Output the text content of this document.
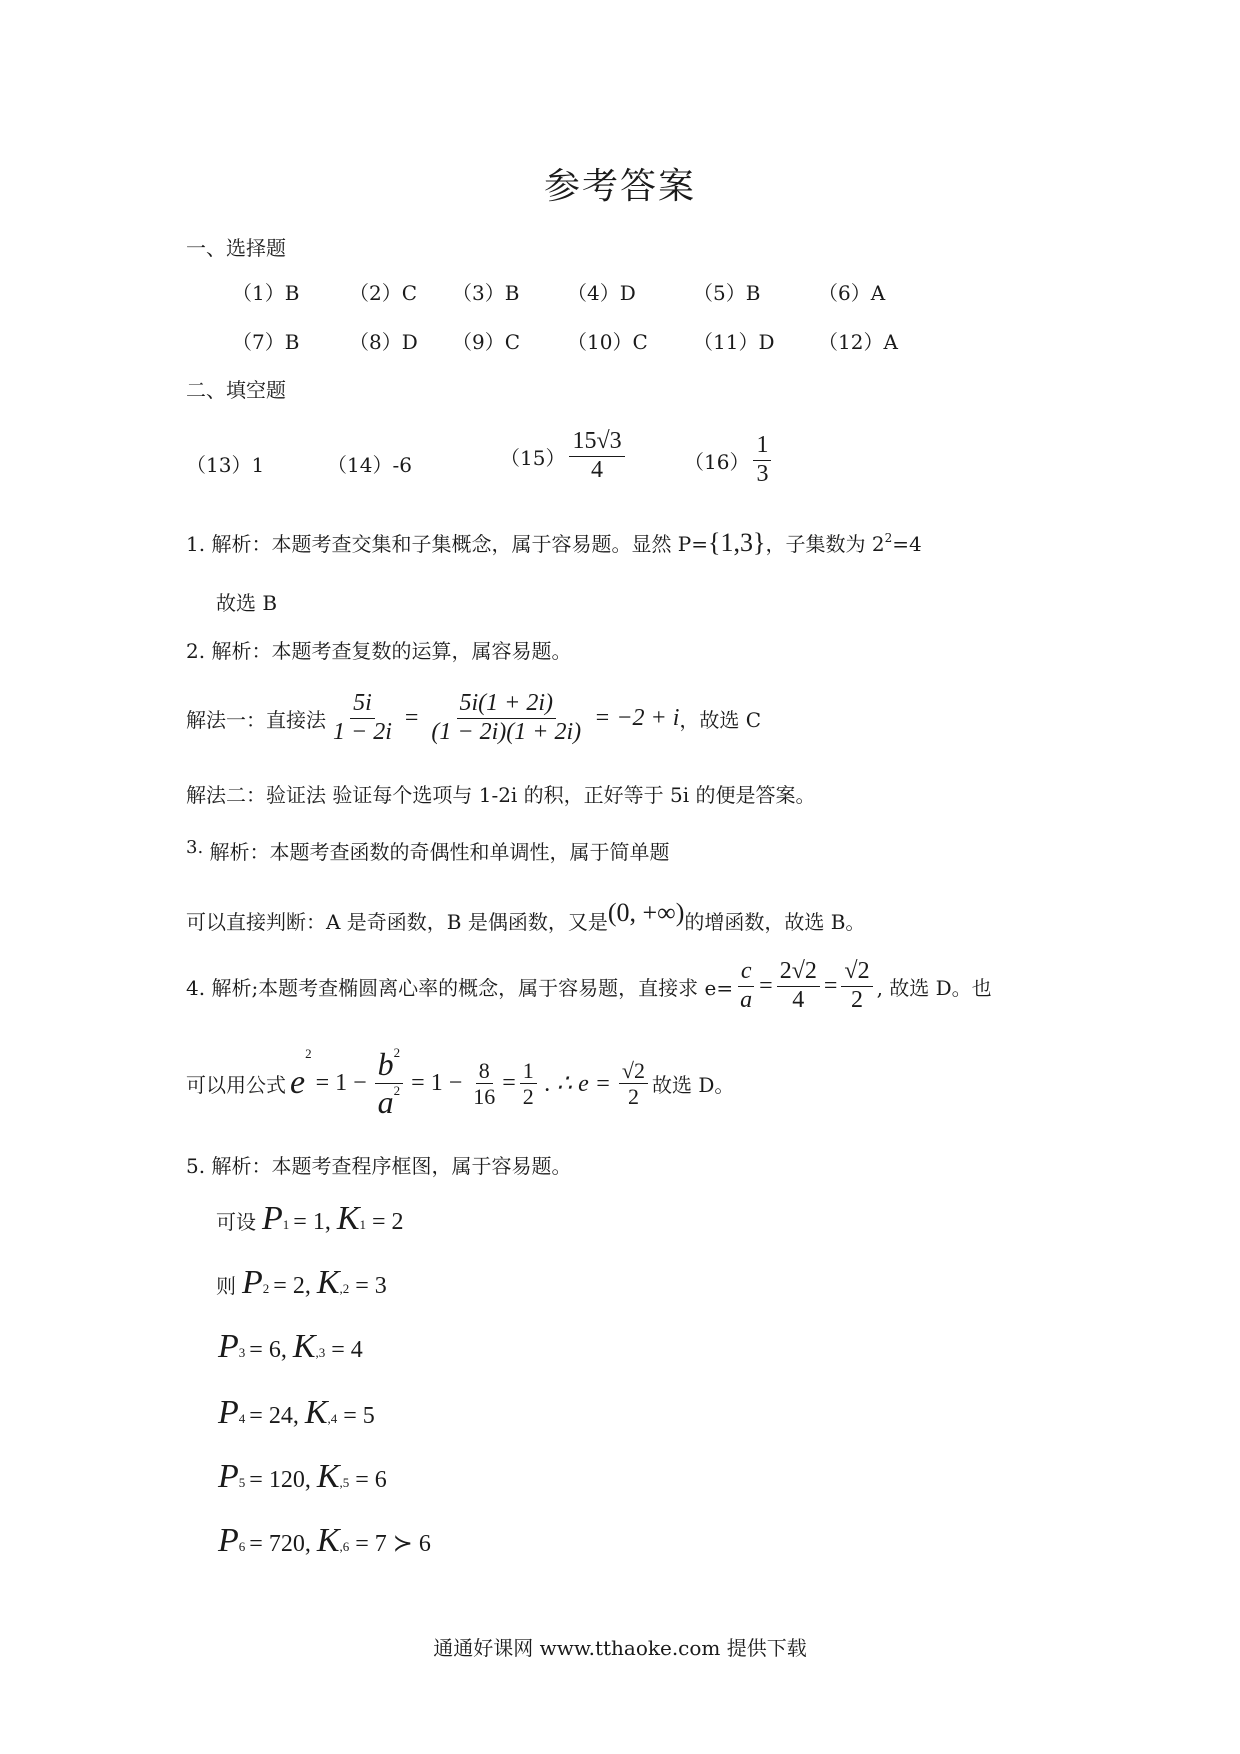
参考答案
一、选择题
（1）B （2）C （3）B （4）D	（5）B	（6）A
（7）B （8）D （9）C （10）C （11）D （12）A
二、填空题
（13）1	（14）-6	$(15) \frac{15√3}{4}$	$(16) \frac{1}{3}$
1. 解析：本题考查交集和子集概念，属于容易题。显然 P={1,3}，子集数为 $2^2=4$
故选 B
2. 解析：本题考查复数的运算，属容易题。
解法一：直接法 $\frac{5i}{1 - 2i} = \frac{5i(1 + 2i)}{(1 - 2i)(1 + 2i)} = -2 + i$ ，故选 C
解法二：验证法 验证每个选项与 1-2i 的积，正好等于 5i 的便是答案。
3. 解析：本题考查函数的奇偶性和单调性，属于简单题
可以直接判断：A 是奇函数，B 是偶函数，又是(0, +∞)的增函数，故选 B。
4. 解析;本题考查椭圆离心率的概念，属于容易题，直接求 $e= \frac{c}{a} = \frac{2√2}{4} = \frac{√2}{2}$ , 故选 D。也
可以用公式 e
2
= $1 - \frac{b^2}{a^2} = 1 - \frac{8}{16} = \frac{1}{2}$ . ∴ $e = \frac{√2}{2}$ 故选 D。
5. 解析：本题考查程序框图，属于容易题。
可设 P 1 = 1, K 1 = 2
则 P 2 = 2, K ,2 = 3
P 3 = 6, K ,3 = 4
P 4 = 24, K ,4 = 5
P 5 = 120, K ,5 = 6
P 6 = 720, K ,6 = 7 ≻ 6
通通好课网 www.tthaoke.com 提供下载
